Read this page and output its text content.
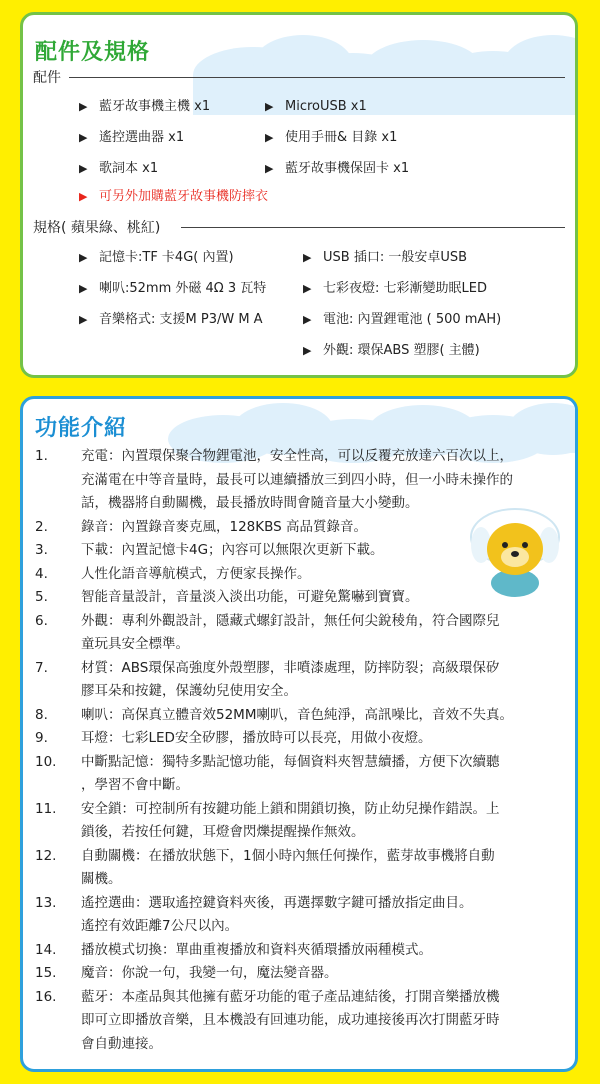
配件及規格
配件
▶ 藍牙故事機主機 x1
▶ 遙控選曲器 x1
▶ 歌詞本 x1
▶ MicroUSB x1
▶ 使用手冊& 目錄 x1
▶ 藍牙故事機保固卡 x1
▶ 可另外加購藍牙故事機防摔衣
規格( 蘋果綠、桃紅)
▶ 記憶卡:TF 卡4G( 內置)
▶ 喇叭:52mm 外磁 4Ω 3 瓦特
▶ 音樂格式: 支援M P3/W M A
▶ USB 插口: 一般安卓USB
▶ 七彩夜燈: 七彩漸變助眠LED
▶ 電池: 內置鋰電池 ( 500 mAH)
▶ 外觀: 環保ABS 塑膠( 主體)
功能介紹
1. 充電：內置環保聚合物鋰電池，安全性高，可以反覆充放達六百次以上，
充滿電在中等音量時，最長可以連續播放三到四小時，但一小時未操作的
話，機器將自動關機，最長播放時間會隨音量大小變動。
2. 錄音：內置錄音麥克風，128KBS 高品質錄音。
3. 下載：內置記憶卡4G；內容可以無限次更新下載。
4. 人性化語音導航模式，方便家長操作。
5. 智能音量設計，音量淡入淡出功能，可避免驚嚇到寶寶。
6. 外觀：專利外觀設計，隱藏式螺釘設計，無任何尖銳稜角，符合國際兒
童玩具安全標準。
7. 材質：ABS環保高強度外殼塑膠，非噴漆處理，防摔防裂；高級環保矽
膠耳朵和按鍵，保護幼兒使用安全。
8. 喇叭：高保真立體音效52MM喇叭，音色純淨，高訊噪比，音效不失真。
9. 耳燈：七彩LED安全矽膠，播放時可以長亮，用做小夜燈。
10. 中斷點記憶：獨特多點記憶功能，每個資料夾智慧續播，方便下次續聽
，學習不會中斷。
11. 安全鎖：可控制所有按鍵功能上鎖和開鎖切換，防止幼兒操作錯誤。上
鎖後，若按任何鍵，耳燈會閃爍提醒操作無效。
12. 自動關機：在播放狀態下，1個小時內無任何操作，藍芽故事機將自動
關機。
13. 遙控選曲：選取遙控鍵資料夾後，再選擇數字鍵可播放指定曲目。
遙控有效距離7公尺以內。
14. 播放模式切換：單曲重複播放和資料夾循環播放兩種模式。
15. 魔音：你說一句，我變一句，魔法變音器。
16. 藍牙：本產品與其他擁有藍牙功能的電子產品連結後，打開音樂播放機
即可立即播放音樂，且本機設有回連功能，成功連接後再次打開藍牙時
會自動連接。
